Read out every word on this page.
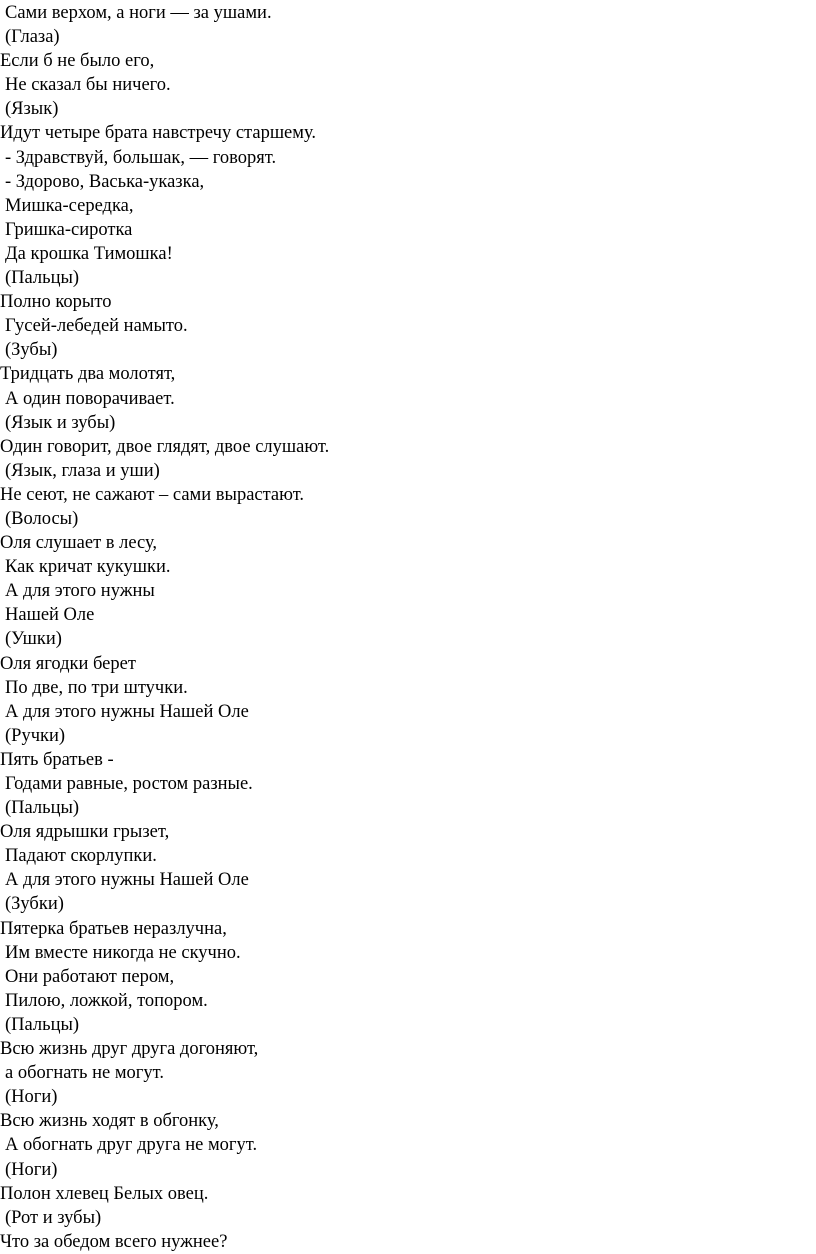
Сами верхом, а ноги — за ушами.
(Глаза)
Если б не было его,
Не сказал бы ничего.
(Язык)
Идут четыре брата навстречу старшему.
- Здравствуй, большак, — говорят.
- Здорово, Васька-указка,
Мишка-середка,
Гришка-сиротка
Да крошка Тимошка!
(Пальцы)
Полно корыто
Гусей-лебедей намыто.
(Зубы)
Тридцать два молотят,
А один поворачивает.
(Язык и зубы)
Один говорит, двое глядят, двое слушают.
(Язык, глаза и уши)
Не сеют, не сажают – сами вырастают.
(Волосы)
Оля слушает в лесу,
Как кричат кукушки.
А для этого нужны
Нашей Оле
(Ушки)
Оля ягодки берет
По две, по три штучки.
А для этого нужны Нашей Оле
(Ручки)
Пять братьев -
Годами равные, ростом разные.
(Пальцы)
Оля ядрышки грызет,
Падают скорлупки.
А для этого нужны Нашей Оле
(Зубки)
Пятерка братьев неразлучна,
Им вместе никогда не скучно.
Они работают пером,
Пилою, ложкой, топором.
(Пальцы)
Всю жизнь друг друга догоняют,
а обогнать не могут.
(Ноги)
Всю жизнь ходят в обгонку,
А обогнать друг друга не могут.
(Ноги)
Полон хлевец Белых овец.
(Рот и зубы)
Что за обедом всего нужнее?
